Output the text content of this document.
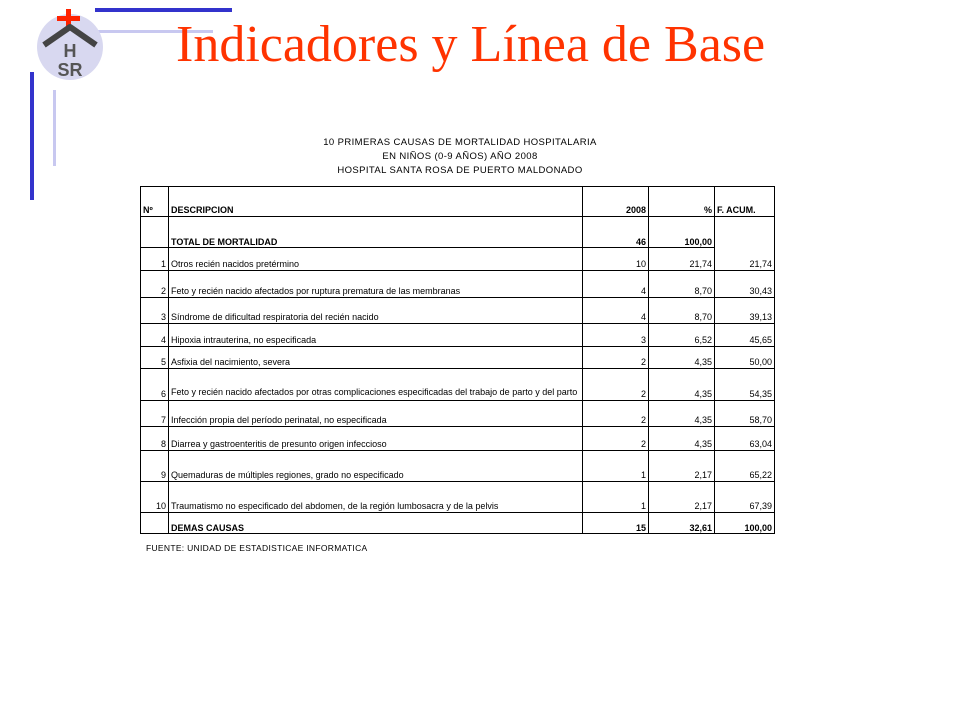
H
SR Indicadores y Línea de Base
10 PRIMERAS CAUSAS DE MORTALIDAD HOSPITALARIA
EN NIÑOS (0-9 AÑOS) AÑO 2008
HOSPITAL SANTA ROSA DE PUERTO MALDONADO
Nº	DESCRIPCION	2008	%	F. ACUM.
	TOTAL DE MORTALIDAD	46	100,00	
1	Otros recién nacidos pretérmino	10	21,74	21,74
2	Feto y recién nacido afectados por ruptura prematura de las membranas	4	8,70	30,43
3	Síndrome de dificultad respiratoria del recién nacido	4	8,70	39,13
4	Hipoxia intrauterina, no especificada	3	6,52	45,65
5	Asfixia del nacimiento, severa	2	4,35	50,00
6	Feto y recién nacido afectados por otras complicaciones especificadas del trabajo de parto y del parto	2	4,35	54,35
7	Infección propia del período perinatal, no especificada	2	4,35	58,70
8	Diarrea y gastroenteritis de presunto origen infeccioso	2	4,35	63,04
9	Quemaduras de múltiples regiones, grado no especificado	1	2,17	65,22
10	Traumatismo no especificado del abdomen, de la región lumbosacra y de la pelvis	1	2,17	67,39
	DEMAS CAUSAS	15	32,61	100,00
FUENTE: UNIDAD DE ESTADISTICAE INFORMATICA
